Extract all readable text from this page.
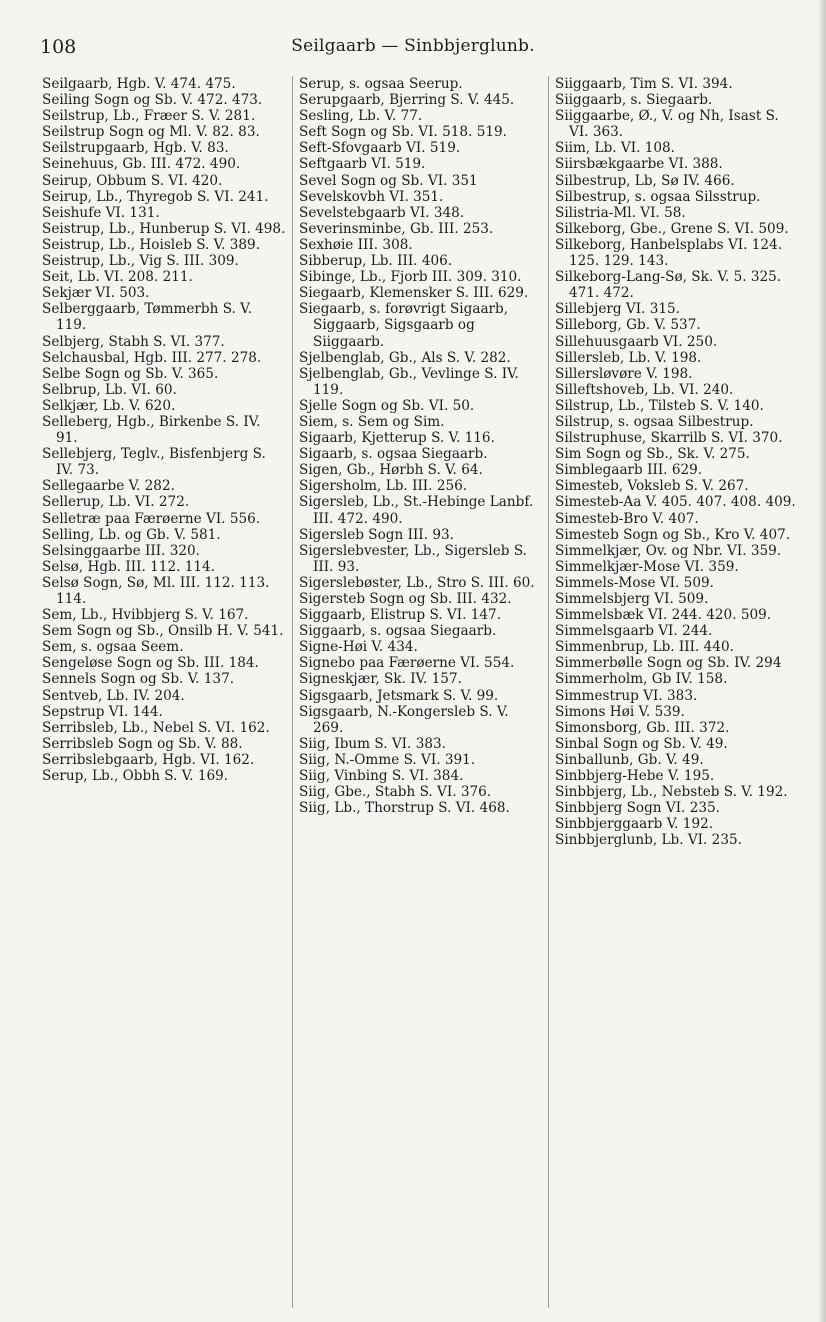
108	Seilgaarb — Sinbbjerglunb.

Seilgaarb, Hgb. V. 474. 475.

Seiling Sogn og Sb. V. 472. 473.

Seilstrup, Lb., Fræer S. V. 281.

Seilstrup Sogn og Ml. V. 82. 83.

Seilstrupgaarb, Hgb. V. 83.

Seinehuus, Gb. III. 472. 490.

Seirup, Obbum S. VI. 420.

Seirup, Lb., Thyregob S. VI. 241.

Seishufe VI. 131.

Seistrup, Lb., Hunberup S. VI. 498.

Seistrup, Lb., Hoisleb S. V. 389.

Seistrup, Lb., Vig S. III. 309.

Seit, Lb. VI. 208. 211.

Sekjær VI. 503.

Selberggaarb, Tømmerbh S. V. 119.

Selbjerg, Stabh S. VI. 377.

Selchausbal, Hgb. III. 277. 278.

Selbe Sogn og Sb. V. 365.

Selbrup, Lb. VI. 60.

Selkjær, Lb. V. 620.

Selleberg, Hgb., Birkenbe S. IV. 91.

Sellebjerg, Teglv., Bisfenbjerg S. IV. 73.

Sellegaarbe V. 282.

Sellerup, Lb. VI. 272.

Selletræ paa Færøerne VI. 556.

Selling, Lb. og Gb. V. 581.

Selsinggaarbe III. 320.

Selsø, Hgb. III. 112. 114.

Selsø Sogn, Sø, Ml. III. 112. 113. 114.

Sem, Lb., Hvibbjerg S. V. 167.

Sem Sogn og Sb., Onsilb H. V. 541.

Sem, s. ogsaa Seem.

Sengeløse Sogn og Sb. III. 184.

Sennels Sogn og Sb. V. 137.

Sentveb, Lb. IV. 204.

Sepstrup VI. 144.

Serribsleb, Lb., Nebel S. VI. 162.

Serribsleb Sogn og Sb. V. 88.

Serribslebgaarb, Hgb. VI. 162.

Serup, Lb., Obbh S. V. 169.

Serup, s. ogsaa Seerup.

Serupgaarb, Bjerring S. V. 445.

Sesling, Lb. V. 77.

Seft Sogn og Sb. VI. 518. 519.

Seft-Sfovgaarb VI. 519.

Seftgaarb VI. 519.

Sevel Sogn og Sb. VI. 351

Sevelskovbh VI. 351.

Sevelstebgaarb VI. 348.

Severinsminbe, Gb. III. 253.

Sexhøie III. 308.

Sibberup, Lb. III. 406.

Sibinge, Lb., Fjorb III. 309. 310.

Siegaarb, Klemensker S. III. 629.

Siegaarb, s. forøvrigt Sigaarb, Siggaarb, Sigsgaarb og Siiggaarb.

Sjelbenglab, Gb., Als S. V. 282.

Sjelbenglab, Gb., Vevlinge S. IV. 119.

Sjelle Sogn og Sb. VI. 50.

Siem, s. Sem og Sim.

Sigaarb, Kjetterup S. V. 116.

Sigaarb, s. ogsaa Siegaarb.

Sigen, Gb., Hørbh S. V. 64.

Sigersholm, Lb. III. 256.

Sigersleb, Lb., St.-Hebinge Lanbf. III. 472. 490.

Sigersleb Sogn III. 93.

Sigerslebvester, Lb., Sigersleb S. III. 93.

Sigerslebøster, Lb., Stro S. III. 60.

Sigersteb Sogn og Sb. III. 432.

Siggaarb, Elistrup S. VI. 147.

Siggaarb, s. ogsaa Siegaarb.

Signe-Høi V. 434.

Signebo paa Færøerne VI. 554.

Signeskjær, Sk. IV. 157.

Sigsgaarb, Jetsmark S. V. 99.

Sigsgaarb, N.-Kongersleb S. V. 269.

Siig, Ibum S. VI. 383.

Siig, N.-Omme S. VI. 391.

Siig, Vinbing S. VI. 384.

Siig, Gbe., Stabh S. VI. 376.

Siig, Lb., Thorstrup S. VI. 468.

Siiggaarb, Tim S. VI. 394.

Siiggaarb, s. Siegaarb.

Siiggaarbe, Ø., V. og Nh, Isast S. VI. 363.

Siim, Lb. VI. 108.

Siirsbækgaarbe VI. 388.

Silbestrup, Lb, Sø IV. 466.

Silbestrup, s. ogsaa Silsstrup.

Silistria-Ml. VI. 58.

Silkeborg, Gbe., Grene S. VI. 509.

Silkeborg, Hanbelsplabs VI. 124. 125. 129. 143.

Silkeborg-Lang-Sø, Sk. V. 5. 325. 471. 472.

Sillebjerg VI. 315.

Silleborg, Gb. V. 537.

Sillehuusgaarb VI. 250.

Sillersleb, Lb. V. 198.

Sillersløvøre V. 198.

Silleftshoveb, Lb. VI. 240.

Silstrup, Lb., Tilsteb S. V. 140.

Silstrup, s. ogsaa Silbestrup.

Silstruphuse, Skarrilb S. VI. 370.

Sim Sogn og Sb., Sk. V. 275.

Simblegaarb III. 629.

Simesteb, Voksleb S. V. 267.

Simesteb-Aa V. 405. 407. 408. 409.

Simesteb-Bro V. 407.

Simesteb Sogn og Sb., Kro V. 407.

Simmelkjær, Ov. og Nbr. VI. 359.

Simmelkjær-Mose VI. 359.

Simmels-Mose VI. 509.

Simmelsbjerg VI. 509.

Simmelsbæk VI. 244. 420. 509.

Simmelsgaarb VI. 244.

Simmenbrup, Lb. III. 440.

Simmerbølle Sogn og Sb. IV. 294

Simmerholm, Gb IV. 158.

Simmestrup VI. 383.

Simons Høi V. 539.

Simonsborg, Gb. III. 372.

Sinbal Sogn og Sb. V. 49.

Sinballunb, Gb. V. 49.

Sinbbjerg-Hebe V. 195.

Sinbbjerg, Lb., Nebsteb S. V. 192.

Sinbbjerg Sogn VI. 235.

Sinbbjerggaarb V. 192.

Sinbbjerglunb, Lb. VI. 235.
